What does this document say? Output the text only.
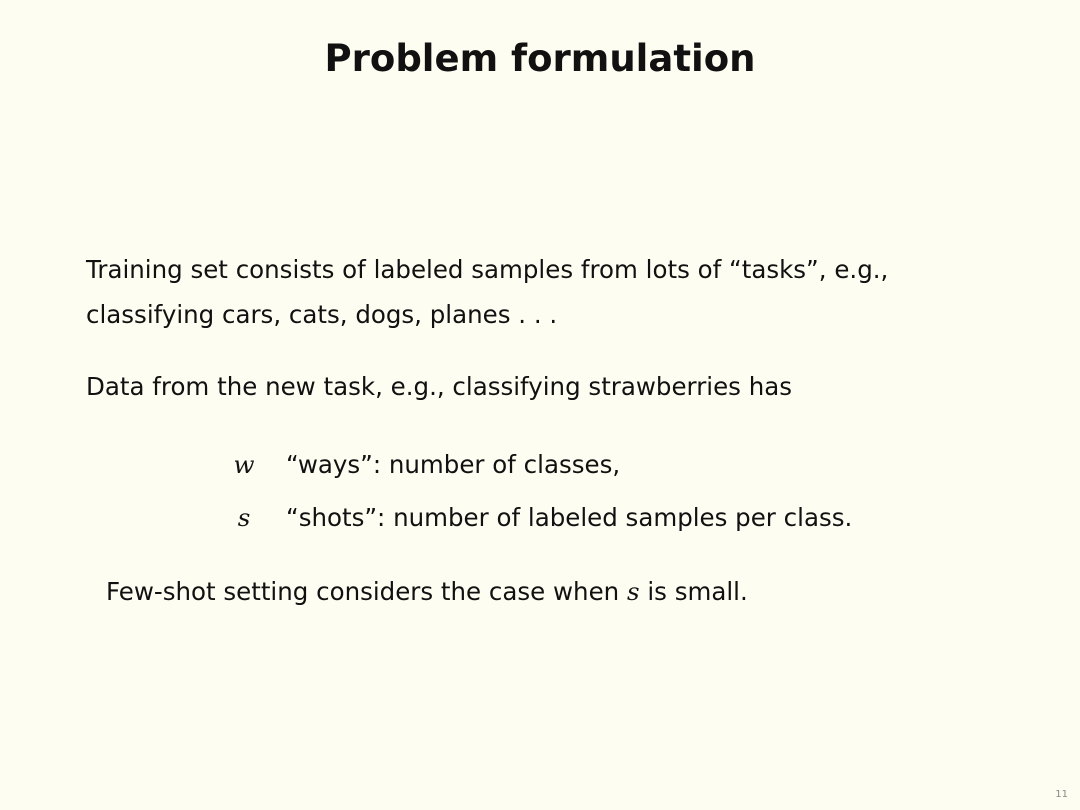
Problem formulation
Training set consists of labeled samples from lots of “tasks”, e.g.,
classifying cars, cats, dogs, planes . . .
Data from the new task, e.g., classifying strawberries has
w	“ways”: number of classes,
s	“shots”: number of labeled samples per class.
Few-shot setting considers the case when s is small.
11
